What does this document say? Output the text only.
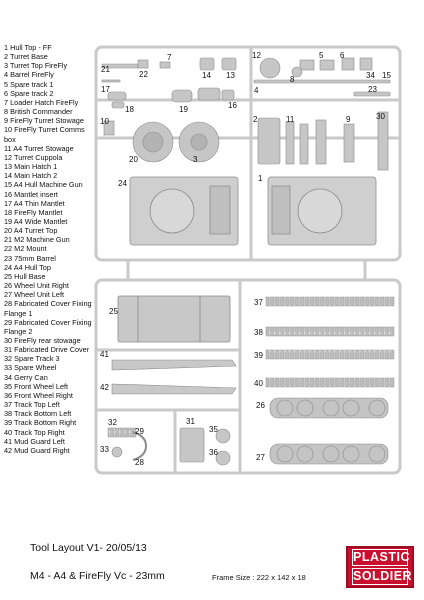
1 Hull Top - FF
2 Turret Base
3 Turret Top FireFly
4 Barrel FireFly
5 Spare track 1
6 Spare track 2
7 Loader Hatch FireFly
8 British Commander
9 FireFly Turret Stowage
10 FireFly Turret Comms box
11 A4 Turret Stowage
12 Turret Cuppola
13 Main Hatch 1
14 Main Hatch 2
15 A4 Hull Machine Gun
16 Mantlet insert
17 A4 Thin Mantlet
18 FireFly Mantlet
19 A4 Wide Mantlet
20 A4 Turret Top
21 M2 Machine Gun
22 M2 Mount
23 75mm Barrel
24 A4 Hull Top
25 Hull Base
26 Wheel Unit Right
27 Wheel Unit Left
28 Fabricated Cover Fixing Flange 1
29 Fabricated Cover Fixing Flange 2
30 FireFly rear stowage
31 Fabricated Drive Cover
32 Spare Track 3
33 Spare Wheel
34 Gerry Can
35 Front Wheel Left
36 Front Wheel Right
37 Track Top Left
38 Track Bottom Left
39 Track Bottom Right
40 Track Top Right
41 Mud Guard Left
42 Mud Guard Right
21
22
7
14 13
17
18	19	16
10
20	3
24
12	5 6
8	34 15
4	23
2	11	9	30
1
25
41
42
32
29
33
28
31
35
36
37
38
39
40
26
27
Tool Layout V1- 20/05/13
M4 - A4 & FireFly Vc - 23mm	Frame Size : 222 x 142 x 18
PLASTIC
SOLDIER
